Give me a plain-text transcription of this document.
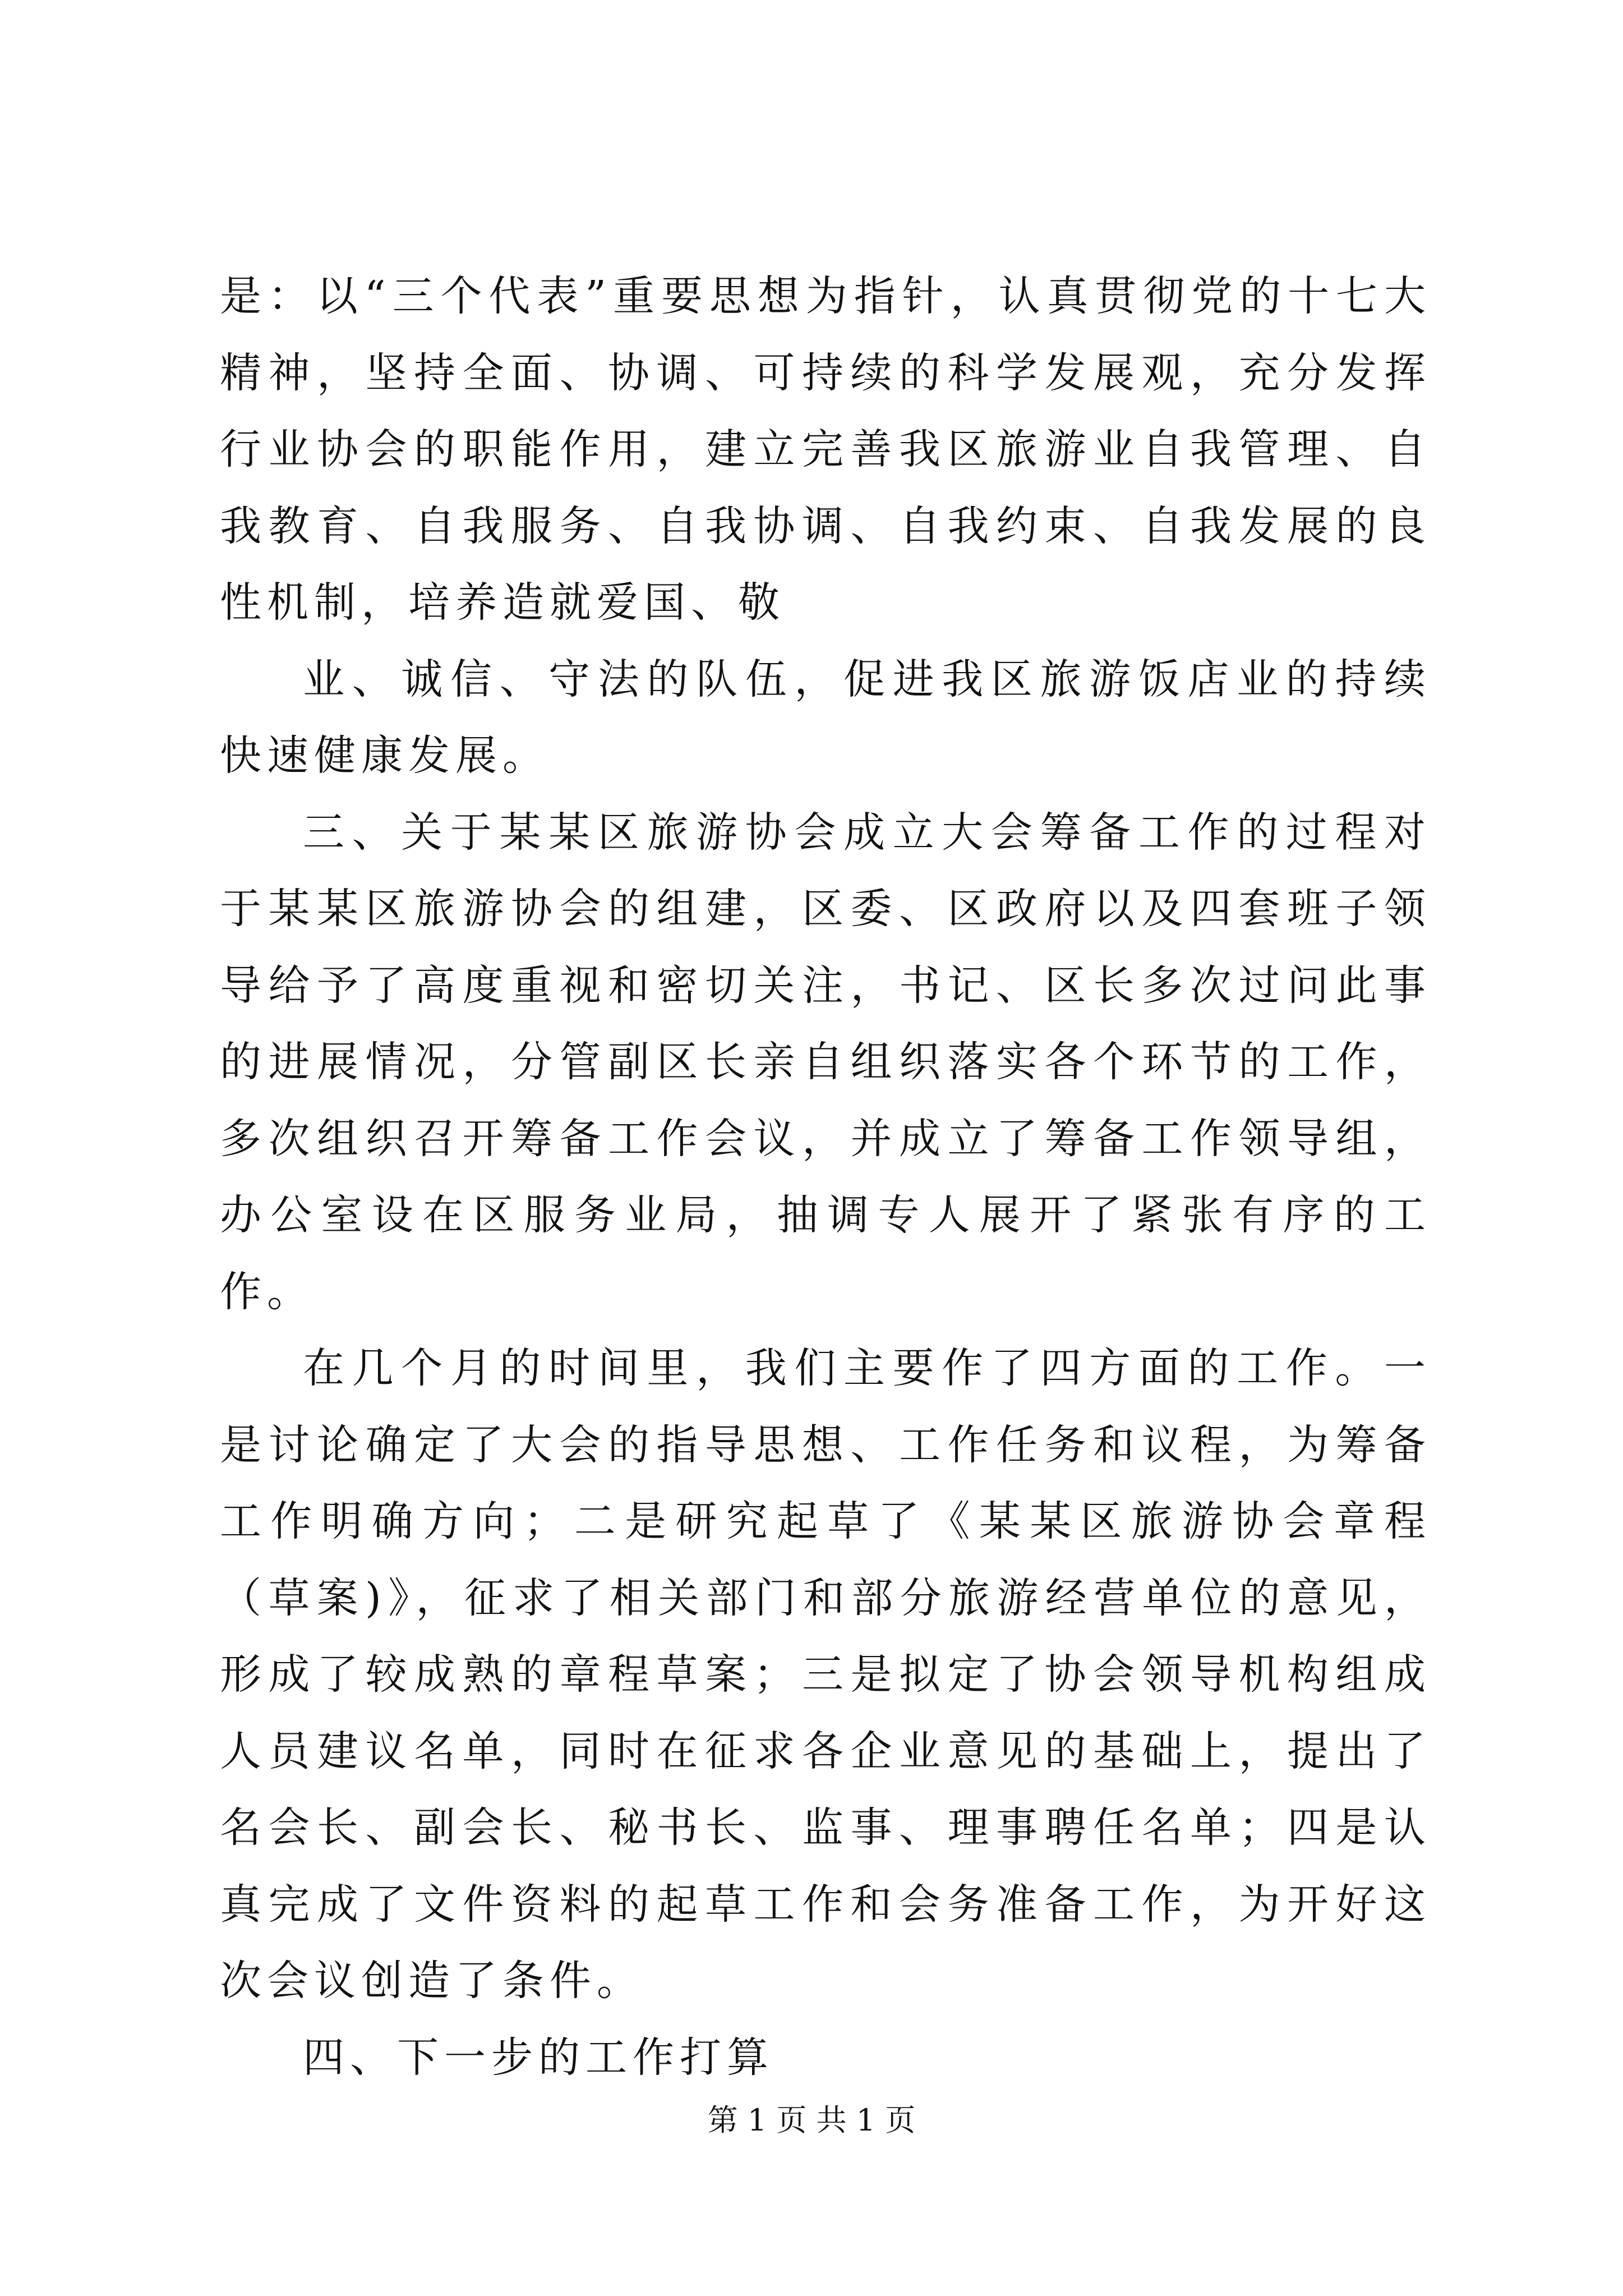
是：以“三个代表”重要思想为指针，认真贯彻党的十七大精神，坚持全面、协调、可持续的科学发展观，充分发挥行业协会的职能作用，建立完善我区旅游业自我管理、自我教育、自我服务、自我协调、自我约束、自我发展的良性机制，培养造就爱国、敬

业、诚信、守法的队伍，促进我区旅游饭店业的持续快速健康发展。

三、关于某某区旅游协会成立大会筹备工作的过程对于某某区旅游协会的组建，区委、区政府以及四套班子领导给予了高度重视和密切关注，书记、区长多次过问此事的进展情况，分管副区长亲自组织落实各个环节的工作，多次组织召开筹备工作会议，并成立了筹备工作领导组，办公室设在区服务业局，抽调专人展开了紧张有序的工作。

在几个月的时间里，我们主要作了四方面的工作。一是讨论确定了大会的指导思想、工作任务和议程，为筹备工作明确方向；二是研究起草了《某某区旅游协会章程（草案)》，征求了相关部门和部分旅游经营单位的意见，形成了较成熟的章程草案；三是拟定了协会领导机构组成人员建议名单，同时在征求各企业意见的基础上，提出了名会长、副会长、秘书长、监事、理事聘任名单；四是认真完成了文件资料的起草工作和会务准备工作，为开好这次会议创造了条件。

四、下一步的工作打算

第 1 页 共 1 页
